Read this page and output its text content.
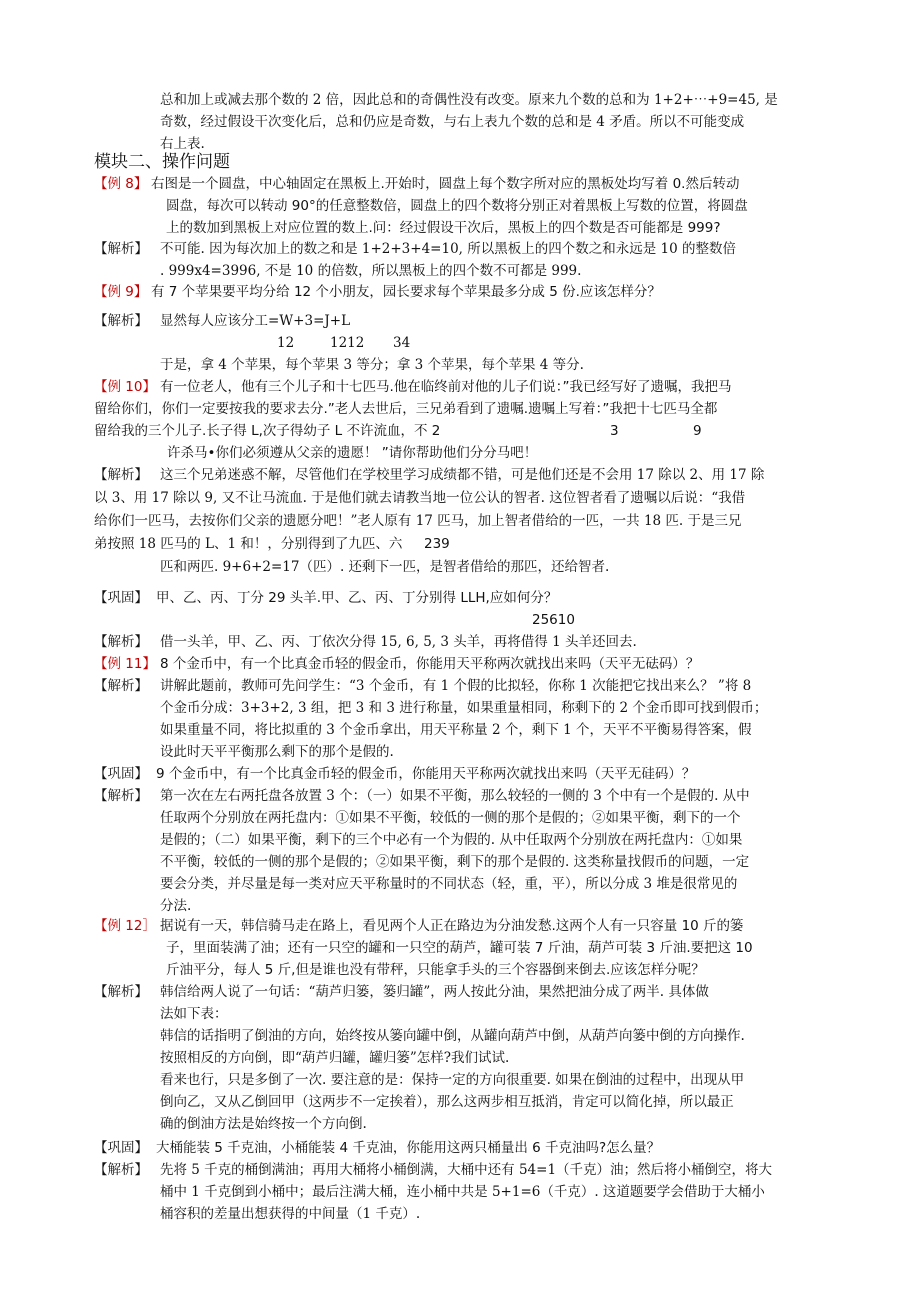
总和加上或减去那个数的 2 倍，因此总和的奇偶性没有改变。原来九个数的总和为 1+2+⋯+9=45, 是
奇数，经过假设干次变化后，总和仍应是奇数，与右上表九个数的总和是 4 矛盾。所以不可能变成
右上表.
模块二、操作问题
【例 8】 右图是一个圆盘，中心轴固定在黑板上.开始时，圆盘上每个数字所对应的黑板处均写着 0.然后转动
圆盘，每次可以转动 90°的任意整数倍，圆盘上的四个数将分别正对着黑板上写数的位置，将圆盘
上的数加到黑板上对应位置的数上.问：经过假设干次后，黑板上的四个数是否可能都是 999?
【解析】 不可能. 因为每次加上的数之和是 1+2+3+4=10, 所以黑板上的四个数之和永远是 10 的整数倍
. 999x4=3996, 不是 10 的倍数，所以黑板上的四个数不可都是 999.
【例 9】 有 7 个苹果要平均分给 12 个小朋友，园长要求每个苹果最多分成 5 份.应该怎样分？
【解析】 显然每人应该分工=W+3=J+L
12	1212 34
于是，拿 4 个苹果，每个苹果 3 等分；拿 3 个苹果，每个苹果 4 等分.
【例 10】 有一位老人，他有三个儿子和十七匹马.他在临终前对他的儿子们说：”我已经写好了遗嘱，我把马
留给你们，你们一定要按我的要求去分.”老人去世后，三兄弟看到了遗嘱.遗嘱上写着：”我把十七匹马全都
留给我的三个儿子.长子得 L,次子得幼子 L 不许流血，不 2	3	9
许杀马•你们必须遵从父亲的遗愿！ ”请你帮助他们分分马吧！
【解析】 这三个兄弟迷惑不解，尽管他们在学校里学习成绩都不错，可是他们还是不会用 17 除以 2、用 17 除
以 3、用 17 除以 9, 又不让马流血. 于是他们就去请教当地一位公认的智者. 这位智者看了遗嘱以后说：“我借
给你们一匹马，去按你们父亲的遗愿分吧！”老人原有 17 匹马，加上智者借给的一匹，一共 18 匹. 于是三兄
弟按照 18 匹马的 L、1 和！，分别得到了九匹、六 239
匹和两匹. 9+6+2=17（匹）. 还剩下一匹，是智者借给的那匹，还给智者.
【巩固】 甲、乙、丙、丁分 29 头羊.甲、乙、丙、丁分别得 LLH,应如何分？
25610
【解析】 借一头羊，甲、乙、丙、丁依次分得 15, 6, 5, 3 头羊，再将借得 1 头羊还回去.
【例 11】 8 个金币中，有一个比真金币轻的假金币，你能用天平称两次就找出来吗（天平无砝码）？
【解析】 讲解此题前，教师可先问学生：“3 个金币，有 1 个假的比拟轻，你称 1 次能把它找出来么？ ”将 8
个金币分成：3+3+2, 3 组，把 3 和 3 进行称量，如果重量相同，称剩下的 2 个金币即可找到假币；
如果重量不同，将比拟重的 3 个金币拿出，用天平称量 2 个，剩下 1 个，天平不平衡易得答案，假
设此时天平平衡那么剩下的那个是假的.
【巩固】 9 个金币中，有一个比真金币轻的假金币，你能用天平称两次就找出来吗（天平无硅码）？
【解析】 第一次在左右两托盘各放置 3 个：（一）如果不平衡，那么较轻的一侧的 3 个中有一个是假的. 从中
任取两个分别放在两托盘内：①如果不平衡，较低的一侧的那个是假的；②如果平衡，剩下的一个
是假的；（二）如果平衡，剩下的三个中必有一个为假的. 从中任取两个分别放在两托盘内：①如果
不平衡，较低的一侧的那个是假的；②如果平衡，剩下的那个是假的. 这类称量找假币的问题，一定
要会分类，并尽量是每一类对应天平称量时的不同状态（轻，重，平），所以分成 3 堆是很常见的
分法.
【例 12］ 据说有一天，韩信骑马走在路上，看见两个人正在路边为分油发愁.这两个人有一只容量 10 斤的篓
子，里面装满了油；还有一只空的罐和一只空的葫芦，罐可装 7 斤油，葫芦可装 3 斤油.要把这 10
斤油平分，每人 5 斤,但是谁也没有带秤，只能拿手头的三个容器倒来倒去.应该怎样分呢？
【解析】 韩信给两人说了一句话：“葫芦归篓，篓归罐”，两人按此分油，果然把油分成了两半. 具体做
法如下表：
韩信的话指明了倒油的方向，始终按从篓向罐中倒，从罐向葫芦中倒，从葫芦向篓中倒的方向操作.
按照相反的方向倒，即“葫芦归罐，罐归篓”怎样?我们试试.
看来也行，只是多倒了一次. 要注意的是：保持一定的方向很重要. 如果在倒油的过程中，出现从甲
倒向乙，又从乙倒回甲（这两步不一定挨着），那么这两步相互抵消，肯定可以简化掉，所以最正
确的倒油方法是始终按一个方向倒.
【巩固】 大桶能装 5 千克油，小桶能装 4 千克油，你能用这两只桶量出 6 千克油吗?怎么量？
【解析】 先将 5 千克的桶倒满油；再用大桶将小桶倒满，大桶中还有 54=1（千克）油；然后将小桶倒空，将大
桶中 1 千克倒到小桶中；最后注满大桶，连小桶中共是 5+1=6（千克）. 这道题要学会借助于大桶小
桶容积的差量出想获得的中间量（1 千克）.
